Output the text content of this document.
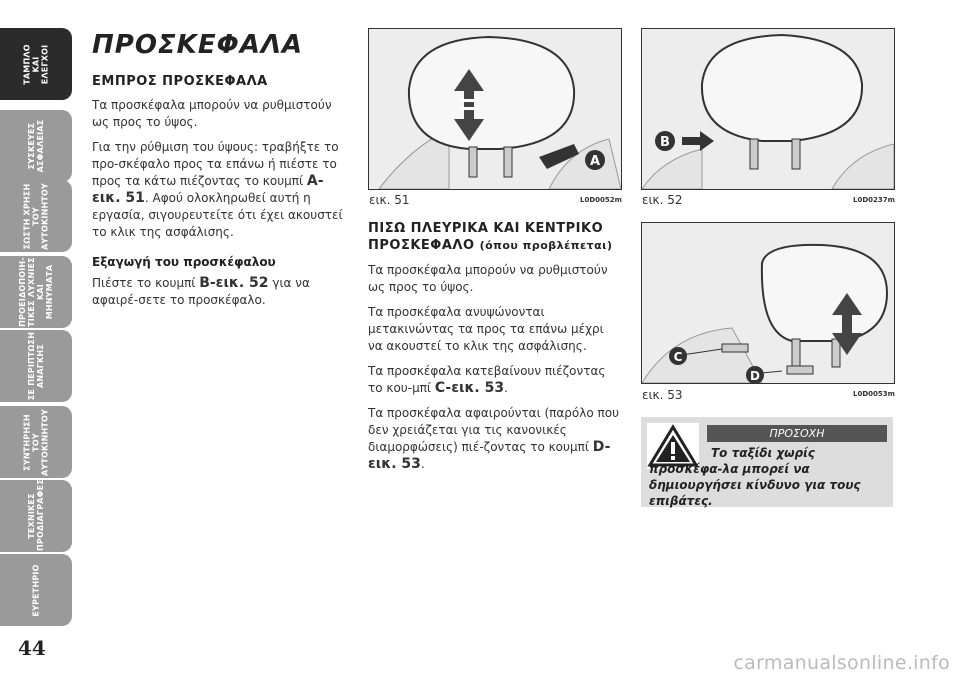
ΤΑΜΠΛΟ
ΚΑΙ
ΕΛΕΓΧΟΙ
ΣΥΣΚΕΥΕΣ
ΑΣΦΑΛΕΙΑΣ
ΣΩΣΤΗ ΧΡΗΣΗ
ΤΟΥ
ΑΥΤΟΚΙΝΗΤΟΥ
ΠΡΟΕΙΔΟΠΟΙΗ-
ΤΙΚΕΣ ΛΥΧΝΙΕΣ
ΚΑΙ ΜΗΝΥΜΑΤΑ
ΣΕ ΠΕΡΙΠΤΩΣΗ
ΑΝΑΓΚΗΣ
ΣΥΝΤΗΡΗΣΗ
ΤΟΥ
ΑΥΤΟΚΙΝΗΤΟΥ
ΤΕΧΝΙΚΕΣ
ΠΡΟΔΙΑΓΡΑΦΕΣ
ΕΥΡΕΤΗΡΙΟ
44
ΠΡΟΣΚΕΦΑΛΑ
ΕΜΠΡΟΣ ΠΡΟΣΚΕΦΑΛΑ

Τα προσκέφαλα μπορούν να ρυθμιστούν ως προς το ύψος.

Για την ρύθμιση του ύψους: τραβήξτε το προ-σκέφαλο προς τα επάνω ή πιέστε το προς τα κάτω πιέζοντας το κουμπί A-εικ. 51. Αφού ολοκληρωθεί αυτή η εργασία, σιγουρευτείτε ότι έχει ακουστεί το κλικ της ασφάλισης.

Εξαγωγή του προσκέφαλου

Πιέστε το κουμπί B-εικ. 52 για να αφαιρέ-σετε το προσκέφαλο.

A
εικ. 51	L0D0052m
B
εικ. 52	L0D0237m
C
D
εικ. 53	L0D0053m
ΠΙΣΩ ΠΛΕΥΡΙΚΑ ΚΑΙ ΚΕΝΤΡΙΚΟ
ΠΡΟΣΚΕΦΑΛΟ (όπου προβλέπεται)

Τα προσκέφαλα μπορούν να ρυθμιστούν ως προς το ύψος.

Τα προσκέφαλα ανυψώνονται μετακινώντας τα προς τα επάνω μέχρι να ακουστεί το κλικ της ασφάλισης.

Τα προσκέφαλα κατεβαίνουν πιέζοντας το κου-μπί C-εικ. 53.

Τα προσκέφαλα αφαιρούνται (παρόλο που δεν χρειάζεται για τις κανονικές διαμορφώσεις) πιέ-ζοντας το κουμπί D-εικ. 53.

ΠΡΟΣΟΧΗ
Το ταξίδι χωρίς προσκέφα-λα μπορεί να δημιουργήσει κίνδυνο για τους επιβάτες.
carmanualsonline.info
